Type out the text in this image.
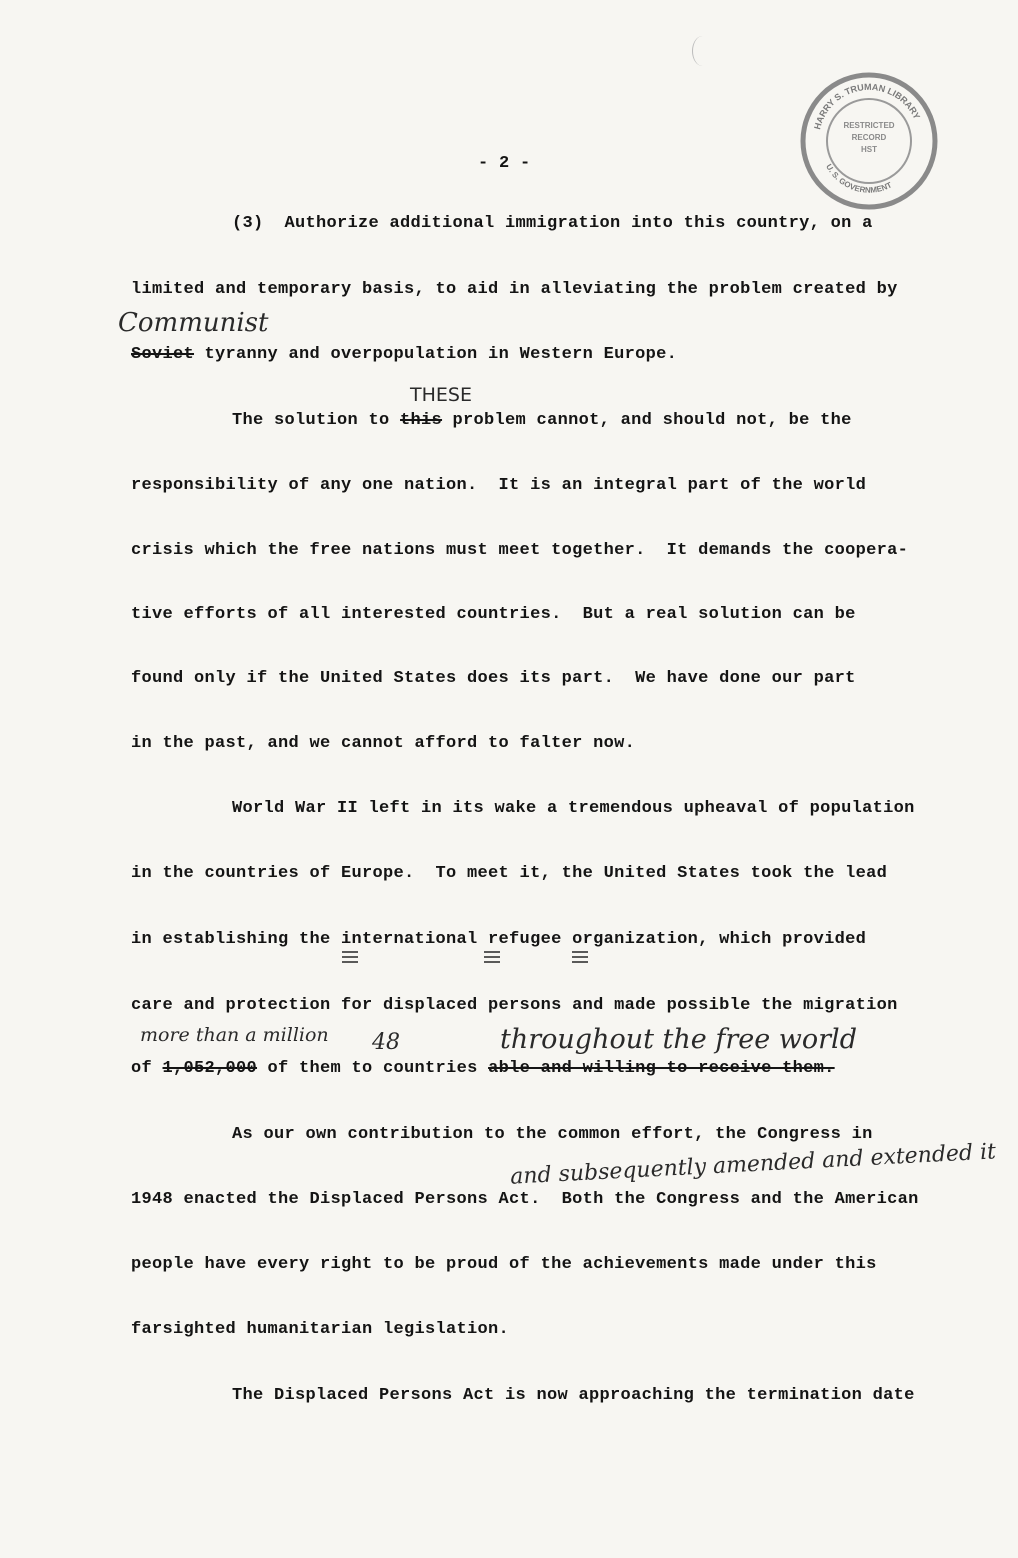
RESTRICTED
RECORD
HST
HARRY S. TRUMAN LIBRARY
U. S. GOVERNMENT
- 2 -
(3)  Authorize additional immigration into this country, on a
limited and temporary basis, to aid in alleviating the problem created by
Communist
Soviet tyranny and overpopulation in Western Europe.
THESE
The solution to this problem cannot, and should not, be the
responsibility of any one nation.  It is an integral part of the world
crisis which the free nations must meet together.  It demands the coopera-
tive efforts of all interested countries.  But a real solution can be
found only if the United States does its part.  We have done our part
in the past, and we cannot afford to falter now.
World War II left in its wake a tremendous upheaval of population
in the countries of Europe.  To meet it, the United States took the lead
in establishing the international refugee organization, which provided
care and protection for displaced persons and made possible the migration
more than a million 48	throughout the free world
of 1,052,000 of them to countries able and willing to receive them.
As our own contribution to the common effort, the Congress in
and subsequently amended and extended it
1948 enacted the Displaced Persons Act.  Both the Congress and the American
people have every right to be proud of the achievements made under this
farsighted humanitarian legislation.
The Displaced Persons Act is now approaching the termination date
